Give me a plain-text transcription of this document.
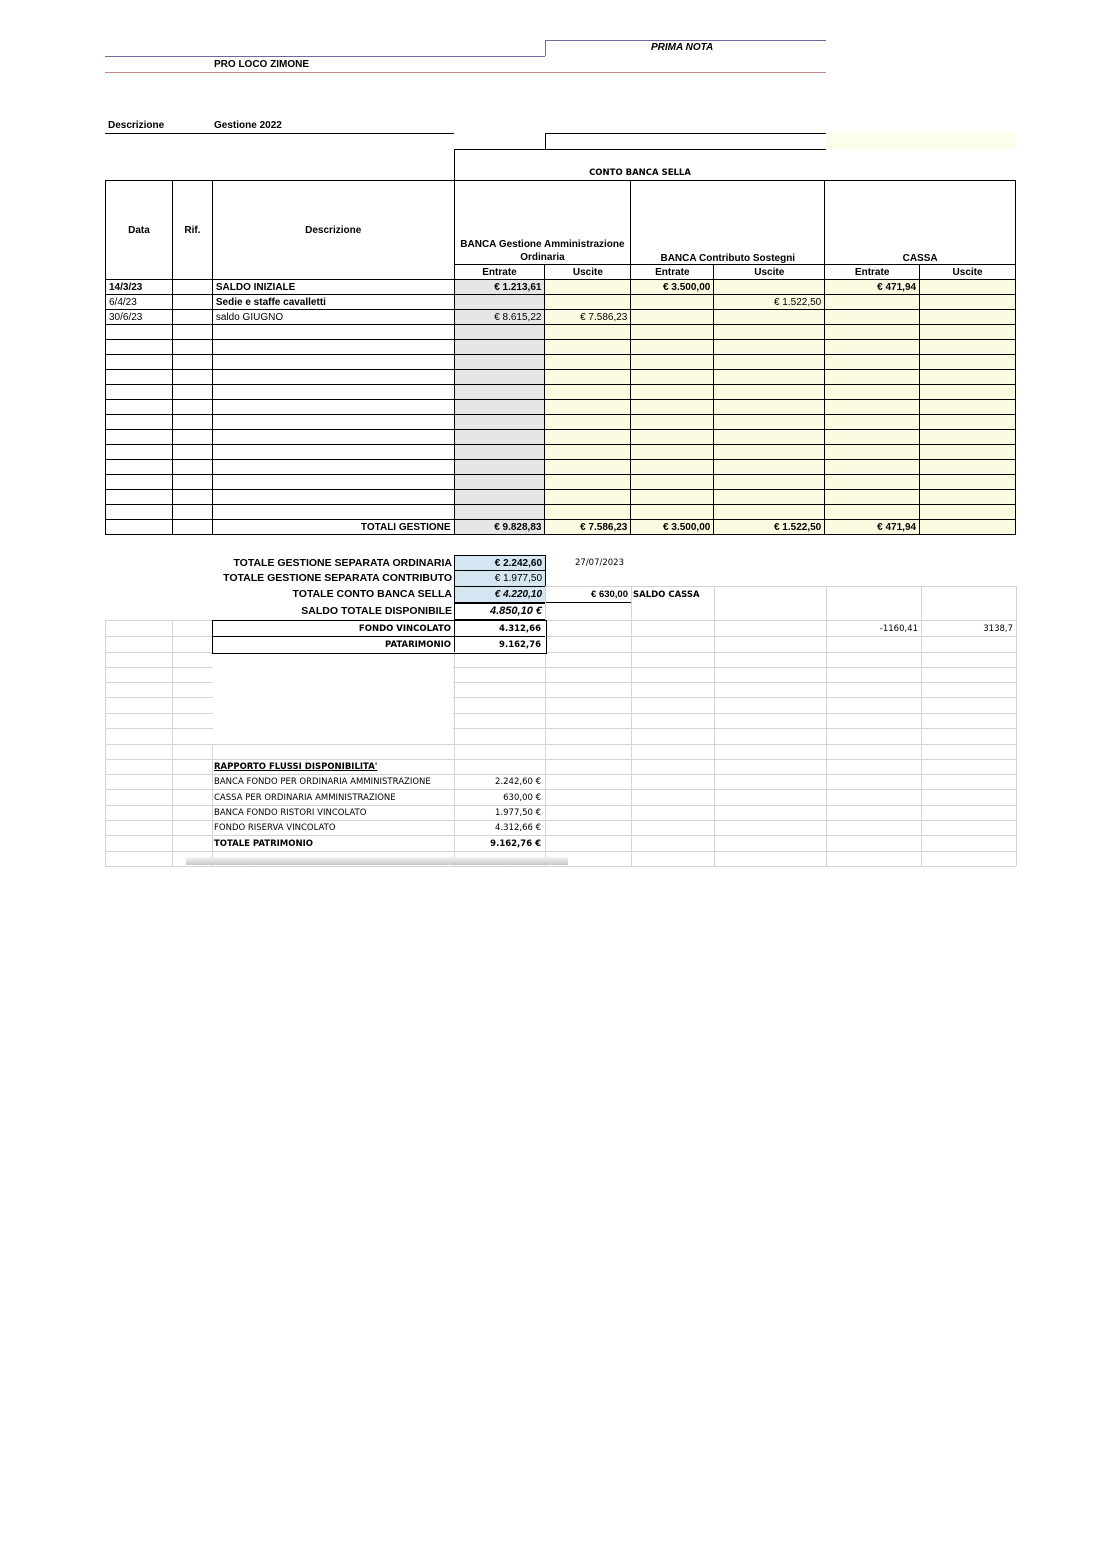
PRIMA NOTA
PRO LOCO ZIMONE
Descrizione	Gestione 2022
CONTO BANCA SELLA
Data	Rif.	Descrizione	BANCA Gestione Amministrazione Ordinaria		BANCA Contributo Sostegni		CASSA	
			Entrate	Uscite	Entrate	Uscite	Entrate	Uscite
14/3/23		SALDO INIZIALE	€ 1.213,61		€ 3.500,00		€ 471,94	
6/4/23		Sedie e staffe cavalletti				€ 1.522,50		
30/6/23		saldo GIUGNO	€ 8.615,22	€ 7.586,23				

		TOTALI GESTIONE	€ 9.828,83	€ 7.586,23	€ 3.500,00	€ 1.522,50	€ 471,94	
TOTALE GESTIONE SEPARATA ORDINARIA	€ 2.242,60	27/07/2023
TOTALE GESTIONE SEPARATA CONTRIBUTO	€ 1.977,50
TOTALE CONTO BANCA SELLA	€ 4.220,10	€ 630,00 SALDO CASSA
SALDO TOTALE DISPONIBILE	4.850,10 €
FONDO VINCOLATO	4.312,66	-1160,41	3138,7
PATARIMONIO	9.162,76
RAPPORTO FLUSSI DISPONIBILITA'
BANCA FONDO PER ORDINARIA AMMINISTRAZIONE	2.242,60 €
CASSA PER ORDINARIA AMMINISTRAZIONE	630,00 €
BANCA FONDO RISTORI VINCOLATO	1.977,50 €
FONDO RISERVA VINCOLATO	4.312,66 €
TOTALE PATRIMONIO	9.162,76 €
